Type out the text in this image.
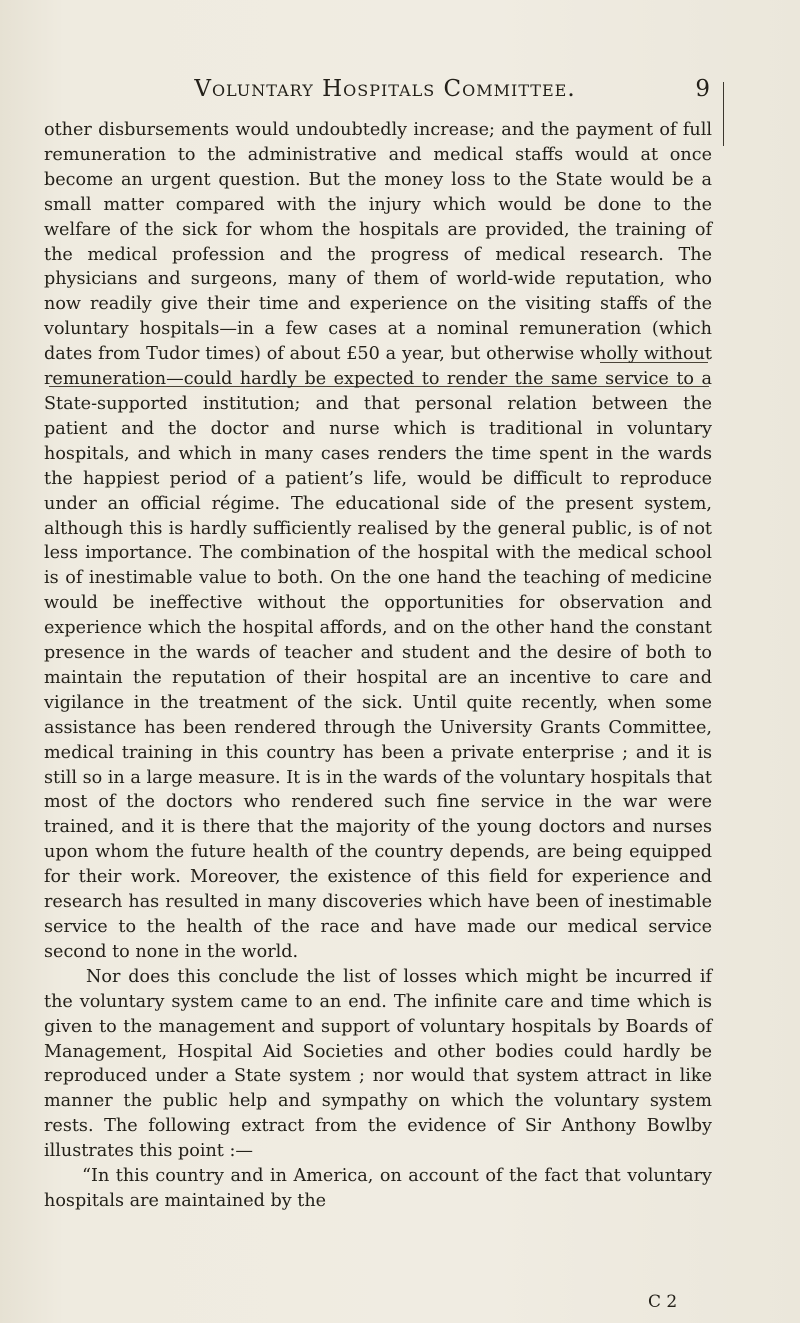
Voluntary Hospitals Committee.	9

other disbursements would undoubtedly increase; and the payment of full remuneration to the administrative and medical staffs would at once become an urgent question. But the money loss to the State would be a small matter compared with the injury which would be done to the welfare of the sick for whom the hospitals are provided, the training of the medical profession and the progress of medical research. The physicians and surgeons, many of them of world-wide reputation, who now readily give their time and experience on the visiting staffs of the voluntary hospitals—in a few cases at a nominal remuneration (which dates from Tudor times) of about £50 a year, but otherwise wholly without remuneration—could hardly be expected to render the same service to a State-supported institution; and that personal relation between the patient and the doctor and nurse which is traditional in voluntary hospitals, and which in many cases renders the time spent in the wards the happiest period of a patient’s life, would be difficult to reproduce under an official régime. The educational side of the present system, although this is hardly sufficiently realised by the general public, is of not less importance. The combination of the hospital with the medical school is of inestimable value to both. On the one hand the teaching of medicine would be ineffective without the opportunities for observation and experience which the hospital affords, and on the other hand the constant presence in the wards of teacher and student and the desire of both to maintain the reputation of their hospital are an incentive to care and vigilance in the treatment of the sick. Until quite recently, when some assistance has been rendered through the University Grants Committee, medical training in this country has been a private enterprise ; and it is still so in a large measure. It is in the wards of the voluntary hospitals that most of the doctors who rendered such fine service in the war were trained, and it is there that the majority of the young doctors and nurses upon whom the future health of the country depends, are being equipped for their work. Moreover, the existence of this field for experience and research has resulted in many discoveries which have been of inestimable service to the health of the race and have made our medical service second to none in the world.

Nor does this conclude the list of losses which might be incurred if the voluntary system came to an end. The infinite care and time which is given to the management and support of voluntary hospitals by Boards of Management, Hospital Aid Societies and other bodies could hardly be reproduced under a State system ; nor would that system attract in like manner the public help and sympathy on which the voluntary system rests. The following extract from the evidence of Sir Anthony Bowlby illustrates this point :—

“In this country and in America, on account of the fact that voluntary hospitals are maintained by the

C 2
